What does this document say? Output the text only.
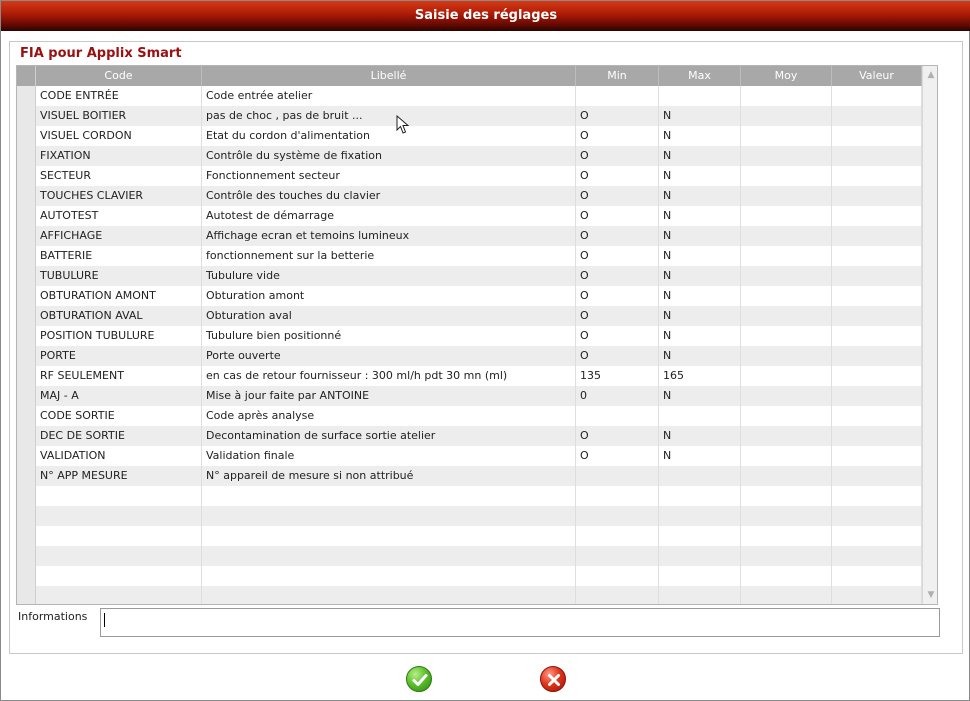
Saisie des réglages
FIA pour Applix Smart
Code	Libellé	Min	Max	Moy	Valeur
CODE ENTRÉE	Code entrée atelier
VISUEL BOITIER	pas de choc , pas de bruit ...	O	N
VISUEL CORDON	Etat du cordon d'alimentation	O	N
FIXATION	Contrôle du système de fixation	O	N
SECTEUR	Fonctionnement secteur	O	N
TOUCHES CLAVIER	Contrôle des touches du clavier	O	N
AUTOTEST	Autotest de démarrage	O	N
AFFICHAGE	Affichage ecran et temoins lumineux	O	N
BATTERIE	fonctionnement sur la betterie	O	N
TUBULURE	Tubulure vide	O	N
OBTURATION AMONT	Obturation amont	O	N
OBTURATION AVAL	Obturation aval	O	N
POSITION TUBULURE	Tubulure bien positionné	O	N
PORTE	Porte ouverte	O	N
RF SEULEMENT	en cas de retour fournisseur : 300 ml/h pdt 30 mn (ml)	135	165
MAJ - A	Mise à jour faite par ANTOINE	0	N
CODE SORTIE	Code après analyse
DEC DE SORTIE	Decontamination de surface sortie atelier	O	N
VALIDATION	Validation finale	O	N
N° APP MESURE	N° appareil de mesure si non attribué
▲
▼
Informations
